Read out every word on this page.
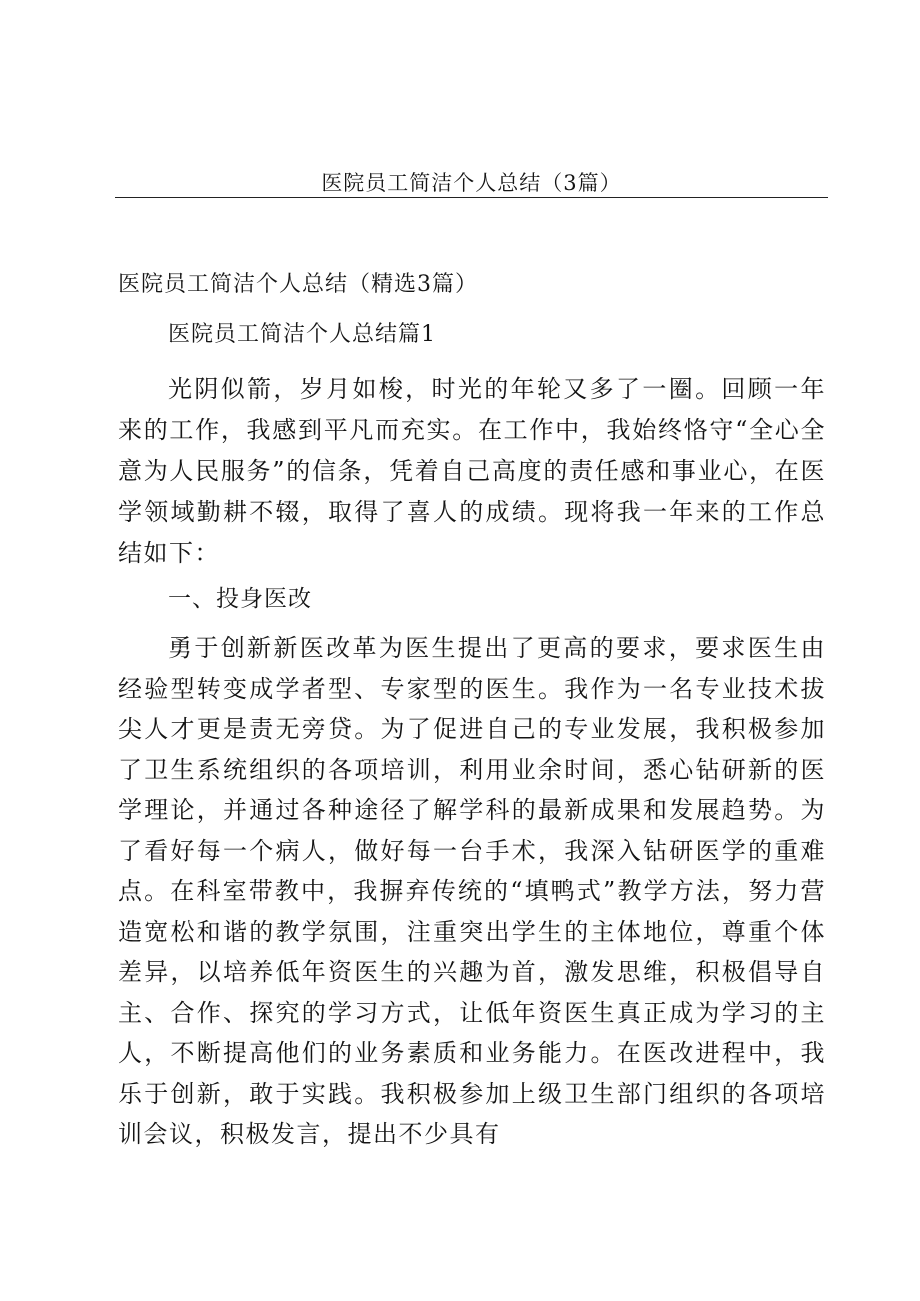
医院员工简洁个人总结（3篇）
医院员工简洁个人总结（精选3篇）
医院员工简洁个人总结篇1

光阴似箭，岁月如梭，时光的年轮又多了一圈。回顾一年来的工作，我感到平凡而充实。在工作中，我始终恪守“全心全意为人民服务”的信条，凭着自己高度的责任感和事业心，在医学领域勤耕不辍，取得了喜人的成绩。现将我一年来的工作总结如下：

一、投身医改

勇于创新新医改革为医生提出了更高的要求，要求医生由经验型转变成学者型、专家型的医生。我作为一名专业技术拔尖人才更是责无旁贷。为了促进自己的专业发展，我积极参加了卫生系统组织的各项培训，利用业余时间，悉心钻研新的医学理论，并通过各种途径了解学科的最新成果和发展趋势。为了看好每一个病人，做好每一台手术，我深入钻研医学的重难点。在科室带教中，我摒弃传统的“填鸭式”教学方法，努力营造宽松和谐的教学氛围，注重突出学生的主体地位，尊重个体差异，以培养低年资医生的兴趣为首，激发思维，积极倡导自主、合作、探究的学习方式，让低年资医生真正成为学习的主人，不断提高他们的业务素质和业务能力。在医改进程中，我乐于创新，敢于实践。我积极参加上级卫生部门组织的各项培训会议，积极发言，提出不少具有
